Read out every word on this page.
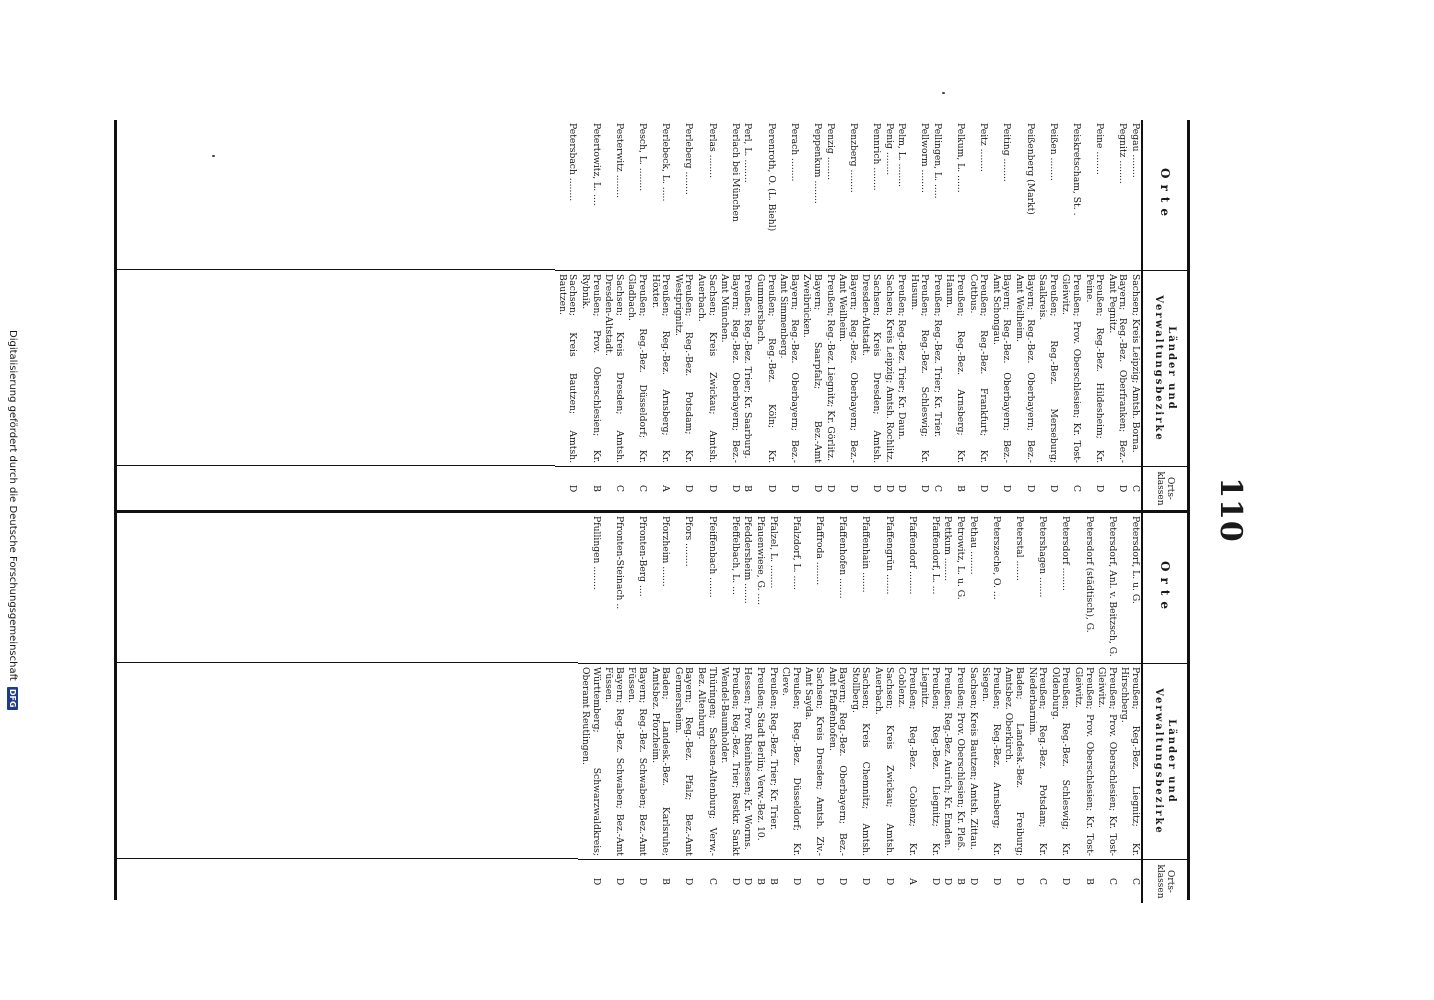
110
Orte
Länder und Verwaltungsbezirke
Orts-klassen
Pegau ........
Sachsen; Kreis Leipzig; Amtsh. Borna.
C
Pegnitz ........
Bayern; Reg.-Bez. Oberfranken; Bez.-Amt Pegnitz.
D
Peine ........
Preußen; Reg.-Bez. Hildesheim; Kr. Peine.
D
Peiskretscham, St. .
Preußen; Prov. Oberschlesien; Kr. Tost-Gleiwitz.
C
Peißen ........
Preußen; Reg.-Bez. Merseburg; Saalkreis.
D
Peißenberg (Markt)
Bayern; Reg.-Bez. Oberbayern; Bez.-Amt Weilheim.
D
Peiting ........
Bayern; Reg.-Bez. Oberbayern; Bez.-Amt Schongau.
D
Peitz ........
Preußen; Reg.-Bez. Frankfurt; Kr. Cottbus.
D
Pelkum, L. ......
Preußen; Reg.-Bez. Arnsberg; Kr. Hamm.
B
Pellingen, L. .....
Preußen; Reg.-Bez. Trier; Kr. Trier.
C
Pellworm ........
Preußen; Reg.-Bez. Schleswig; Kr. Husum.
D
Pelm, L. ........
Preußen; Reg.-Bez. Trier; Kr. Daun.
D
Penig ........
Sachsen; Kreis Leipzig; Amtsh. Rochlitz.
D
Pennrich ........
Sachsen; Kreis Dresden; Amtsh. Dresden-Altstadt.
D
Penzberg ........
Bayern; Reg.-Bez. Oberbayern; Bez.-Amt Weilheim.
D
Penzig ........
Preußen; Reg.-Bez. Liegnitz; Kr. Görlitz.
D
Peppenkum ........
Bayern; Saarpfalz; Bez.-Amt Zweibrücken.
D
Perach ........
Bayern; Reg.-Bez. Oberbayern; Bez.-Amt Simmenberg.
D
Perenroth, O. (L. Biehl)
Preußen; Reg.-Bez. Köln; Kr. Gummersbach.
D
Perl, L. ........
Preußen; Reg.-Bez. Trier; Kr. Saarburg.
B
Perlach bei München
Bayern; Reg.-Bez. Oberbayern; Bez.-Amt München.
D
Perlas ........
Sachsen; Kreis Zwickau; Amtsh. Auerbach.
D
Perleberg ........
Preußen; Reg.-Bez. Potsdam; Kr. Westprignitz.
D
Perlebeck, L. .....
Preußen; Reg.-Bez. Arnsberg; Kr. Höxter.
A
Pesch, L. ........
Preußen; Reg.-Bez. Düsseldorf; Kr. Gladbach.
C
Pesterwitz ........
Sachsen; Kreis Dresden; Amtsh. Dresden-Altstadt.
C
Petertowitz, L. ....
Preußen; Prov. Oberschlesien; Kr. Rybnik.
B
Petersbach ........
Sachsen; Kreis Bautzen; Amtsh. Bautzen.
D
Orte
Länder und Verwaltungsbezirke
Orts-klassen
Petersdorf, L. u. G.
Preußen; Reg.-Bez. Liegnitz; Kr. Hirschberg.
C
Petersdorf, Anl. v. Beitzsch, G.
Preußen; Prov. Oberschlesien; Kr. Tost-Gleiwitz.
C
Petersdorf (städtisch), G.
Preußen; Prov. Oberschlesien; Kr. Tost-Gleiwitz.
B
Petersdorf ........
Preußen; Reg.-Bez. Schleswig; Kr. Oldenburg.
D
Petershagen .......
Preußen; Reg.-Bez. Potsdam; Kr. Niederbarnim.
C
Peterstal .......
Baden; Landesk.-Bez. Freiburg; Amtsbez. Oberkirch.
D
Peterszeche, O. ...
Preußen; Reg.-Bez. Arnsberg; Kr. Siegen.
D
Pethau ........
Sachsen; Kreis Bautzen; Amtsh. Zittau.
D
Petrowitz, L. u. G.
Preußen; Prov. Oberschlesien; Kr. Pleß.
B
Pettkum ........
Preußen; Reg.-Bez. Aurich; Kr. Emden.
D
Pfaffendorf, L. ...
Preußen; Reg.-Bez. Liegnitz; Kr. Liegnitz.
D
Pfaffendorf ........
Preußen; Reg.-Bez. Coblenz; Kr. Coblenz.
A
Pfaffengrün .......
Sachsen; Kreis Zwickau; Amtsh. Auerbach.
D
Pfaffenhain .......
Sachsen; Kreis Chemnitz; Amtsh. Stollberg.
D
Pfaffenhofen .......
Bayern; Reg.-Bez. Oberbayern; Bez.-Amt Pfaffenhofen.
D
Pfaffroda ........
Sachsen; Kreis Dresden; Amtsh. Ziv.-Amt Sayda.
D
Pfalzdorf, L. .....
Preußen; Reg.-Bez. Düsseldorf; Kr. Cleve.
D
Pfalzel, L. ........
Preußen; Reg.-Bez. Trier; Kr. Trier.
B
Pfauenwiese, G. ....
Preußen; Stadt Berlin; Verw.-Bez. 10.
B
Pfeddersheim .......
Hessen; Prov. Rheinhessen; Kr. Worms.
D
Pfeffelbach, L. ...
Preußen; Reg.-Bez. Trier; Restkr. Sankt Wendel-Baumholder.
D
Pfeiffenbach .......
Thüringen; Sachsen-Altenburg; Verw.-Bez. Altenburg.
C
Pfors ........
Bayern; Reg.-Bez. Pfalz; Bez.-Amt Germersheim.
D
Pforzheim .......
Baden; Landesk.-Bez. Karlsruhe; Amtsbez. Pforzheim.
B
Pfronten-Berg ....
Bayern; Reg.-Bez. Schwaben; Bez.-Amt Füssen.
D
Pfronten-Steinach ..
Bayern; Reg.-Bez. Schwaben; Bez.-Amt Füssen.
D
Pfullingen ........
Württemberg; Schwarzwaldkreis; Oberamt Reutlingen.
D
Digitalisierung gefördert durch die Deutsche Forschungsgemeinschaft
DFG
